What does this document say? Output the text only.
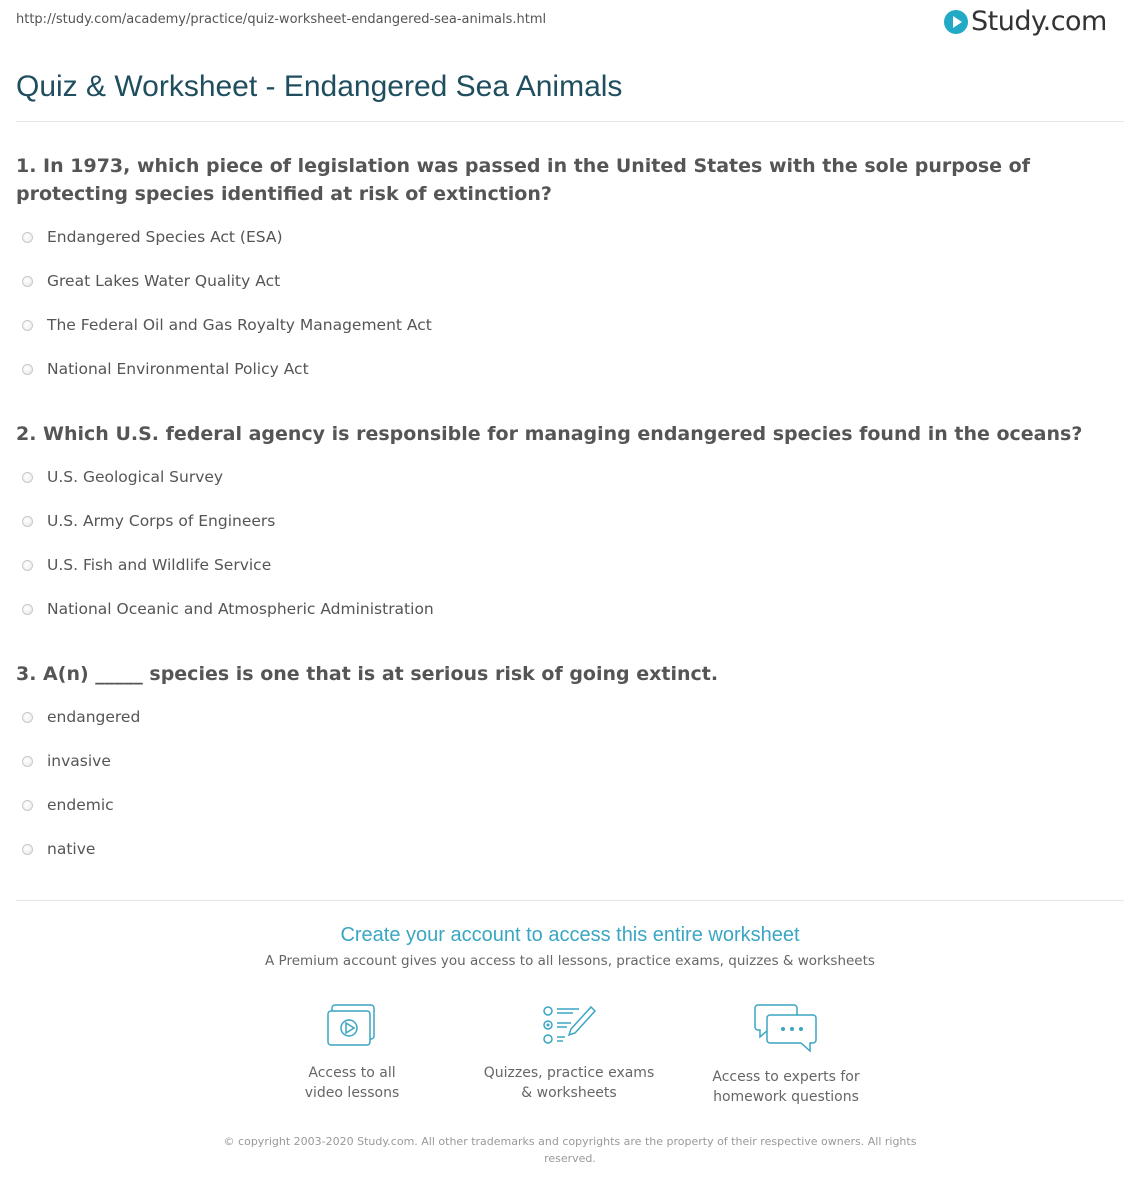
http://study.com/academy/practice/quiz-worksheet-endangered-sea-animals.html	Study.com
Quiz & Worksheet - Endangered Sea Animals
1. In 1973, which piece of legislation was passed in the United States with the sole purpose of protecting species identified at risk of extinction?
Endangered Species Act (ESA)
Great Lakes Water Quality Act
The Federal Oil and Gas Royalty Management Act
National Environmental Policy Act
2. Which U.S. federal agency is responsible for managing endangered species found in the oceans?
U.S. Geological Survey
U.S. Army Corps of Engineers
U.S. Fish and Wildlife Service
National Oceanic and Atmospheric Administration
3. A(n) _____ species is one that is at serious risk of going extinct.
endangered
invasive
endemic
native
Create your account to access this entire worksheet
A Premium account gives you access to all lessons, practice exams, quizzes & worksheets
Access to all
video lessons
Quizzes, practice exams
& worksheets
Access to experts for
homework questions
© copyright 2003-2020 Study.com. All other trademarks and copyrights are the property of their respective owners. All rights reserved.
